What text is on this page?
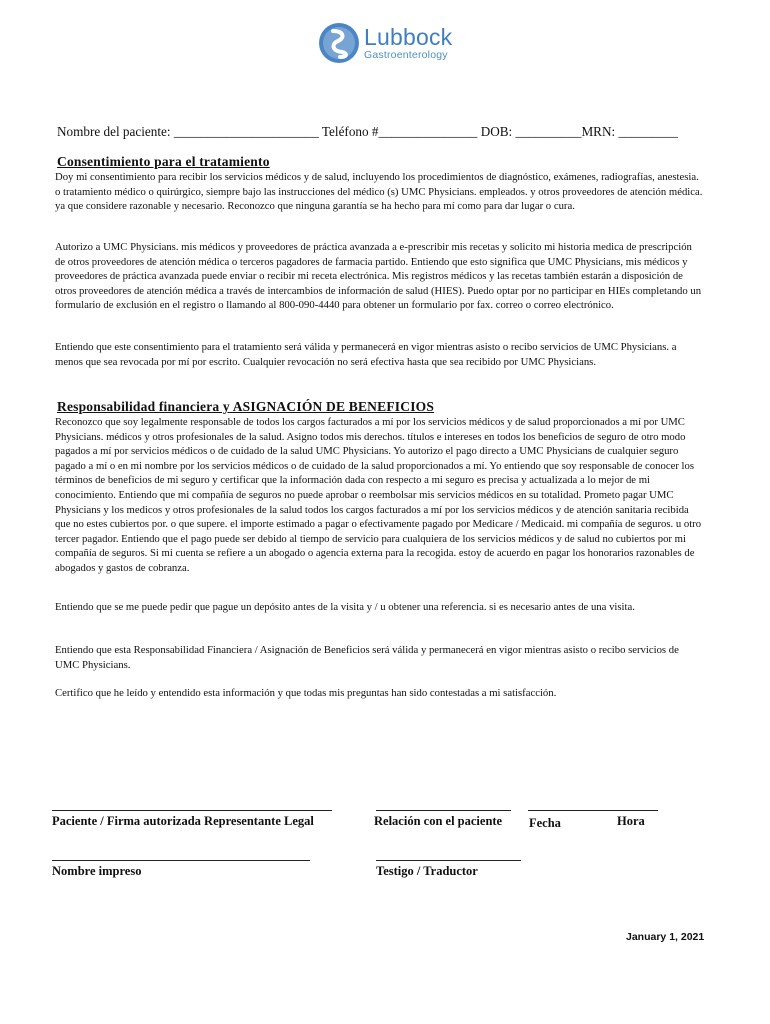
Lubbock
Gastroenterology
Nombre del paciente: ______________________ Teléfono #_______________ DOB: __________MRN: _________
Consentimiento para el tratamiento
Doy mi consentimiento para recibir los servicios médicos y de salud, incluyendo los procedimientos de diagnóstico, exámenes, radiografías, anestesia. o tratamiento médico o quirúrgico, siempre bajo las instrucciones del médico (s) UMC Physicians. empleados. y otros proveedores de atención médica. ya que considere razonable y necesario. Reconozco que ninguna garantía se ha hecho para mí como para dar lugar o cura.
Autorizo a UMC Physicians. mis médicos y proveedores de práctica avanzada a e-prescribir mis recetas y solicito mi historia medica de prescripción de otros proveedores de atención médica o terceros pagadores de farmacia partido. Entiendo que esto significa que UMC Physicians, mis médicos y proveedores de práctica avanzada puede enviar o recibir mi receta electrónica. Mis registros médicos y las recetas también estarán a disposición de otros proveedores de atención médica a través de intercambios de información de salud (HIES). Puedo optar por no participar en HIEs completando un formulario de exclusión en el registro o llamando al 800-090-4440 para obtener un formulario por fax. correo o correo electrónico.
Entiendo que este consentimiento para el tratamiento será válida y permanecerá en vigor mientras asisto o recibo servicios de UMC Physicians. a menos que sea revocada por mí por escrito. Cualquier revocación no será efectiva hasta que sea recibido por UMC Physicians.
Responsabilidad financiera y ASIGNACIÓN DE BENEFICIOS
Reconozco que soy legalmente responsable de todos los cargos facturados a mí por los servicios médicos y de salud proporcionados a mí por UMC Physicians. médicos y otros profesionales de la salud. Asigno todos mis derechos. títulos e intereses en todos los beneficios de seguro de otro modo pagados a mí por servicios médicos o de cuidado de la salud UMC Physicians. Yo autorizo el pago directo a UMC Physicians de cualquier seguro pagado a mí o en mi nombre por los servicios médicos o de cuidado de la salud proporcionados a mí. Yo entiendo que soy responsable de conocer los términos de beneficios de mi seguro y certificar que la información dada con respecto a mi seguro es precisa y actualizada a lo mejor de mi conocimiento. Entiendo que mi compañía de seguros no puede aprobar o reembolsar mis servicios médicos en su totalidad. Prometo pagar UMC Physicians y los medicos y otros profesionales de la salud todos los cargos facturados a mí por los servicios médicos y de atención sanitaria recibida que no estes cubiertos por. o que supere. el importe estimado a pagar o efectivamente pagado por Medicare / Medicaid. mi compañía de seguros. u otro tercer pagador. Entiendo que el pago puede ser debido al tiempo de servicio para cualquiera de los servicios médicos y de salud no cubiertos por mi compañía de seguros. Si mi cuenta se refiere a un abogado o agencia externa para la recogida. estoy de acuerdo en pagar los honorarios razonables de abogados y gastos de cobranza.
Entiendo que se me puede pedir que pague un depósito antes de la visita y / u obtener una referencia. si es necesario antes de una visita.
Entiendo que esta Responsabilidad Financiera / Asignación de Beneficios será válida y permanecerá en vigor mientras asisto o recibo servicios de UMC Physicians.
Certifico que he leído y entendido esta información y que todas mis preguntas han sido contestadas a mi satisfacción.
Paciente / Firma autorizada Representante Legal	Relación con el paciente Fecha	Hora
Nombre impreso	Testigo / Traductor
January 1, 2021
